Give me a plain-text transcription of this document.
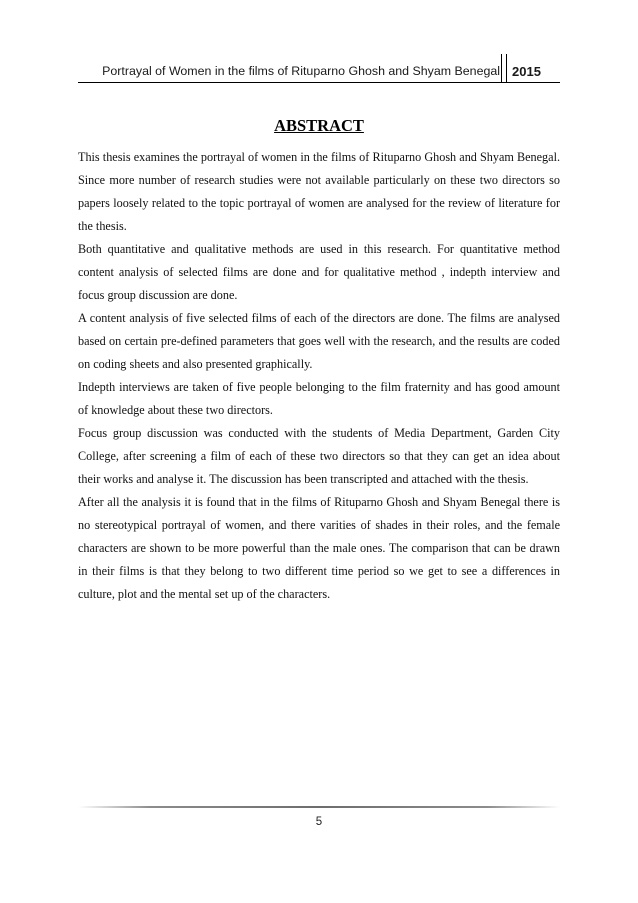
Portrayal of Women in the films of Rituparno Ghosh and Shyam Benegal 2015
ABSTRACT

This thesis examines the portrayal of women in the films of Rituparno Ghosh and Shyam Benegal. Since more number of research studies were not available particularly on these two directors so papers loosely related to the topic portrayal of women are analysed for the review of literature for the thesis.

Both quantitative and qualitative methods are used in this research. For quantitative method content analysis of selected films are done and for qualitative method , indepth interview and focus group discussion are done.

A content analysis of five selected films of each of the directors are done. The films are analysed based on certain pre-defined parameters that goes well with the research, and the results are coded on coding sheets and also presented graphically.

Indepth interviews are taken of five people belonging to the film fraternity and has good amount of knowledge about these two directors.

Focus group discussion was conducted with the students of Media Department, Garden City College, after screening a film of each of these two directors so that they can get an idea about their works and analyse it. The discussion has been transcripted and attached with the thesis.

After all the analysis it is found that in the films of Rituparno Ghosh and Shyam Benegal there is no stereotypical portrayal of women, and there varities of shades in their roles, and the female characters are shown to be more powerful than the male ones. The comparison that can be drawn in their films is that they belong to two different time period so we get to see a differences in culture, plot and the mental set up of the characters.

5
